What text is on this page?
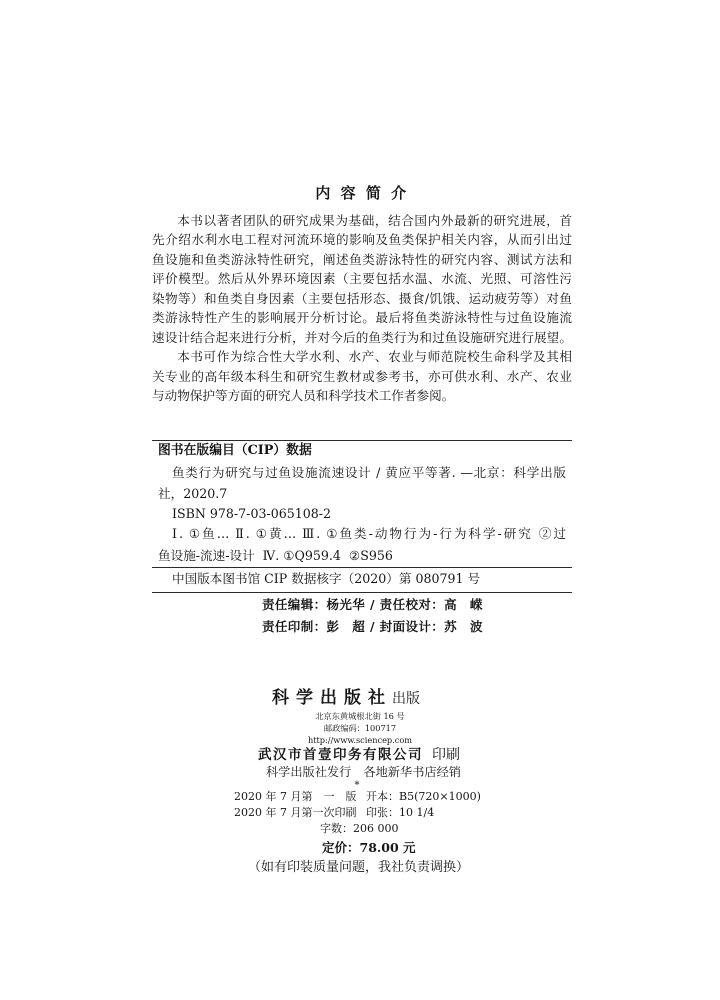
内 容 简 介
本书以著者团队的研究成果为基础，结合国内外最新的研究进展，首
先介绍水利水电工程对河流环境的影响及鱼类保护相关内容，从而引出过
鱼设施和鱼类游泳特性研究，阐述鱼类游泳特性的研究内容、测试方法和
评价模型。然后从外界环境因素（主要包括水温、水流、光照、可溶性污
染物等）和鱼类自身因素（主要包括形态、摄食/饥饿、运动疲劳等）对鱼
类游泳特性产生的影响展开分析讨论。最后将鱼类游泳特性与过鱼设施流
速设计结合起来进行分析，并对今后的鱼类行为和过鱼设施研究进行展望。
本书可作为综合性大学水利、水产、农业与师范院校生命科学及其相
关专业的高年级本科生和研究生教材或参考书，亦可供水利、水产、农业
与动物保护等方面的研究人员和科学技术工作者参阅。
图书在版编目（CIP）数据
鱼类行为研究与过鱼设施流速设计 / 黄应平等著. —北京：科学出版
社，2020.7
ISBN 978-7-03-065108-2
Ⅰ. ①鱼… Ⅱ. ①黄… Ⅲ. ①鱼类-动物行为-行为科学-研究 ②过
鱼设施-流速-设计  Ⅳ. ①Q959.4  ②S956
中国版本图书馆 CIP 数据核字（2020）第 080791 号
责任编辑：杨光华 / 责任校对：高　嵘
责任印制：彭　超 / 封面设计：苏　波
科学出版社出版
北京东黄城根北街 16 号
邮政编码：100717
http://www.sciencep.com
武汉市首壹印务有限公司 印刷
科学出版社发行　各地新华书店经销
*
2020 年 7 月第　一　版 开本：B5(720×1000)
2020 年 7 月第一次印刷 印张：10 1/4
字数：206 000
定价：78.00 元
（如有印装质量问题，我社负责调换）
